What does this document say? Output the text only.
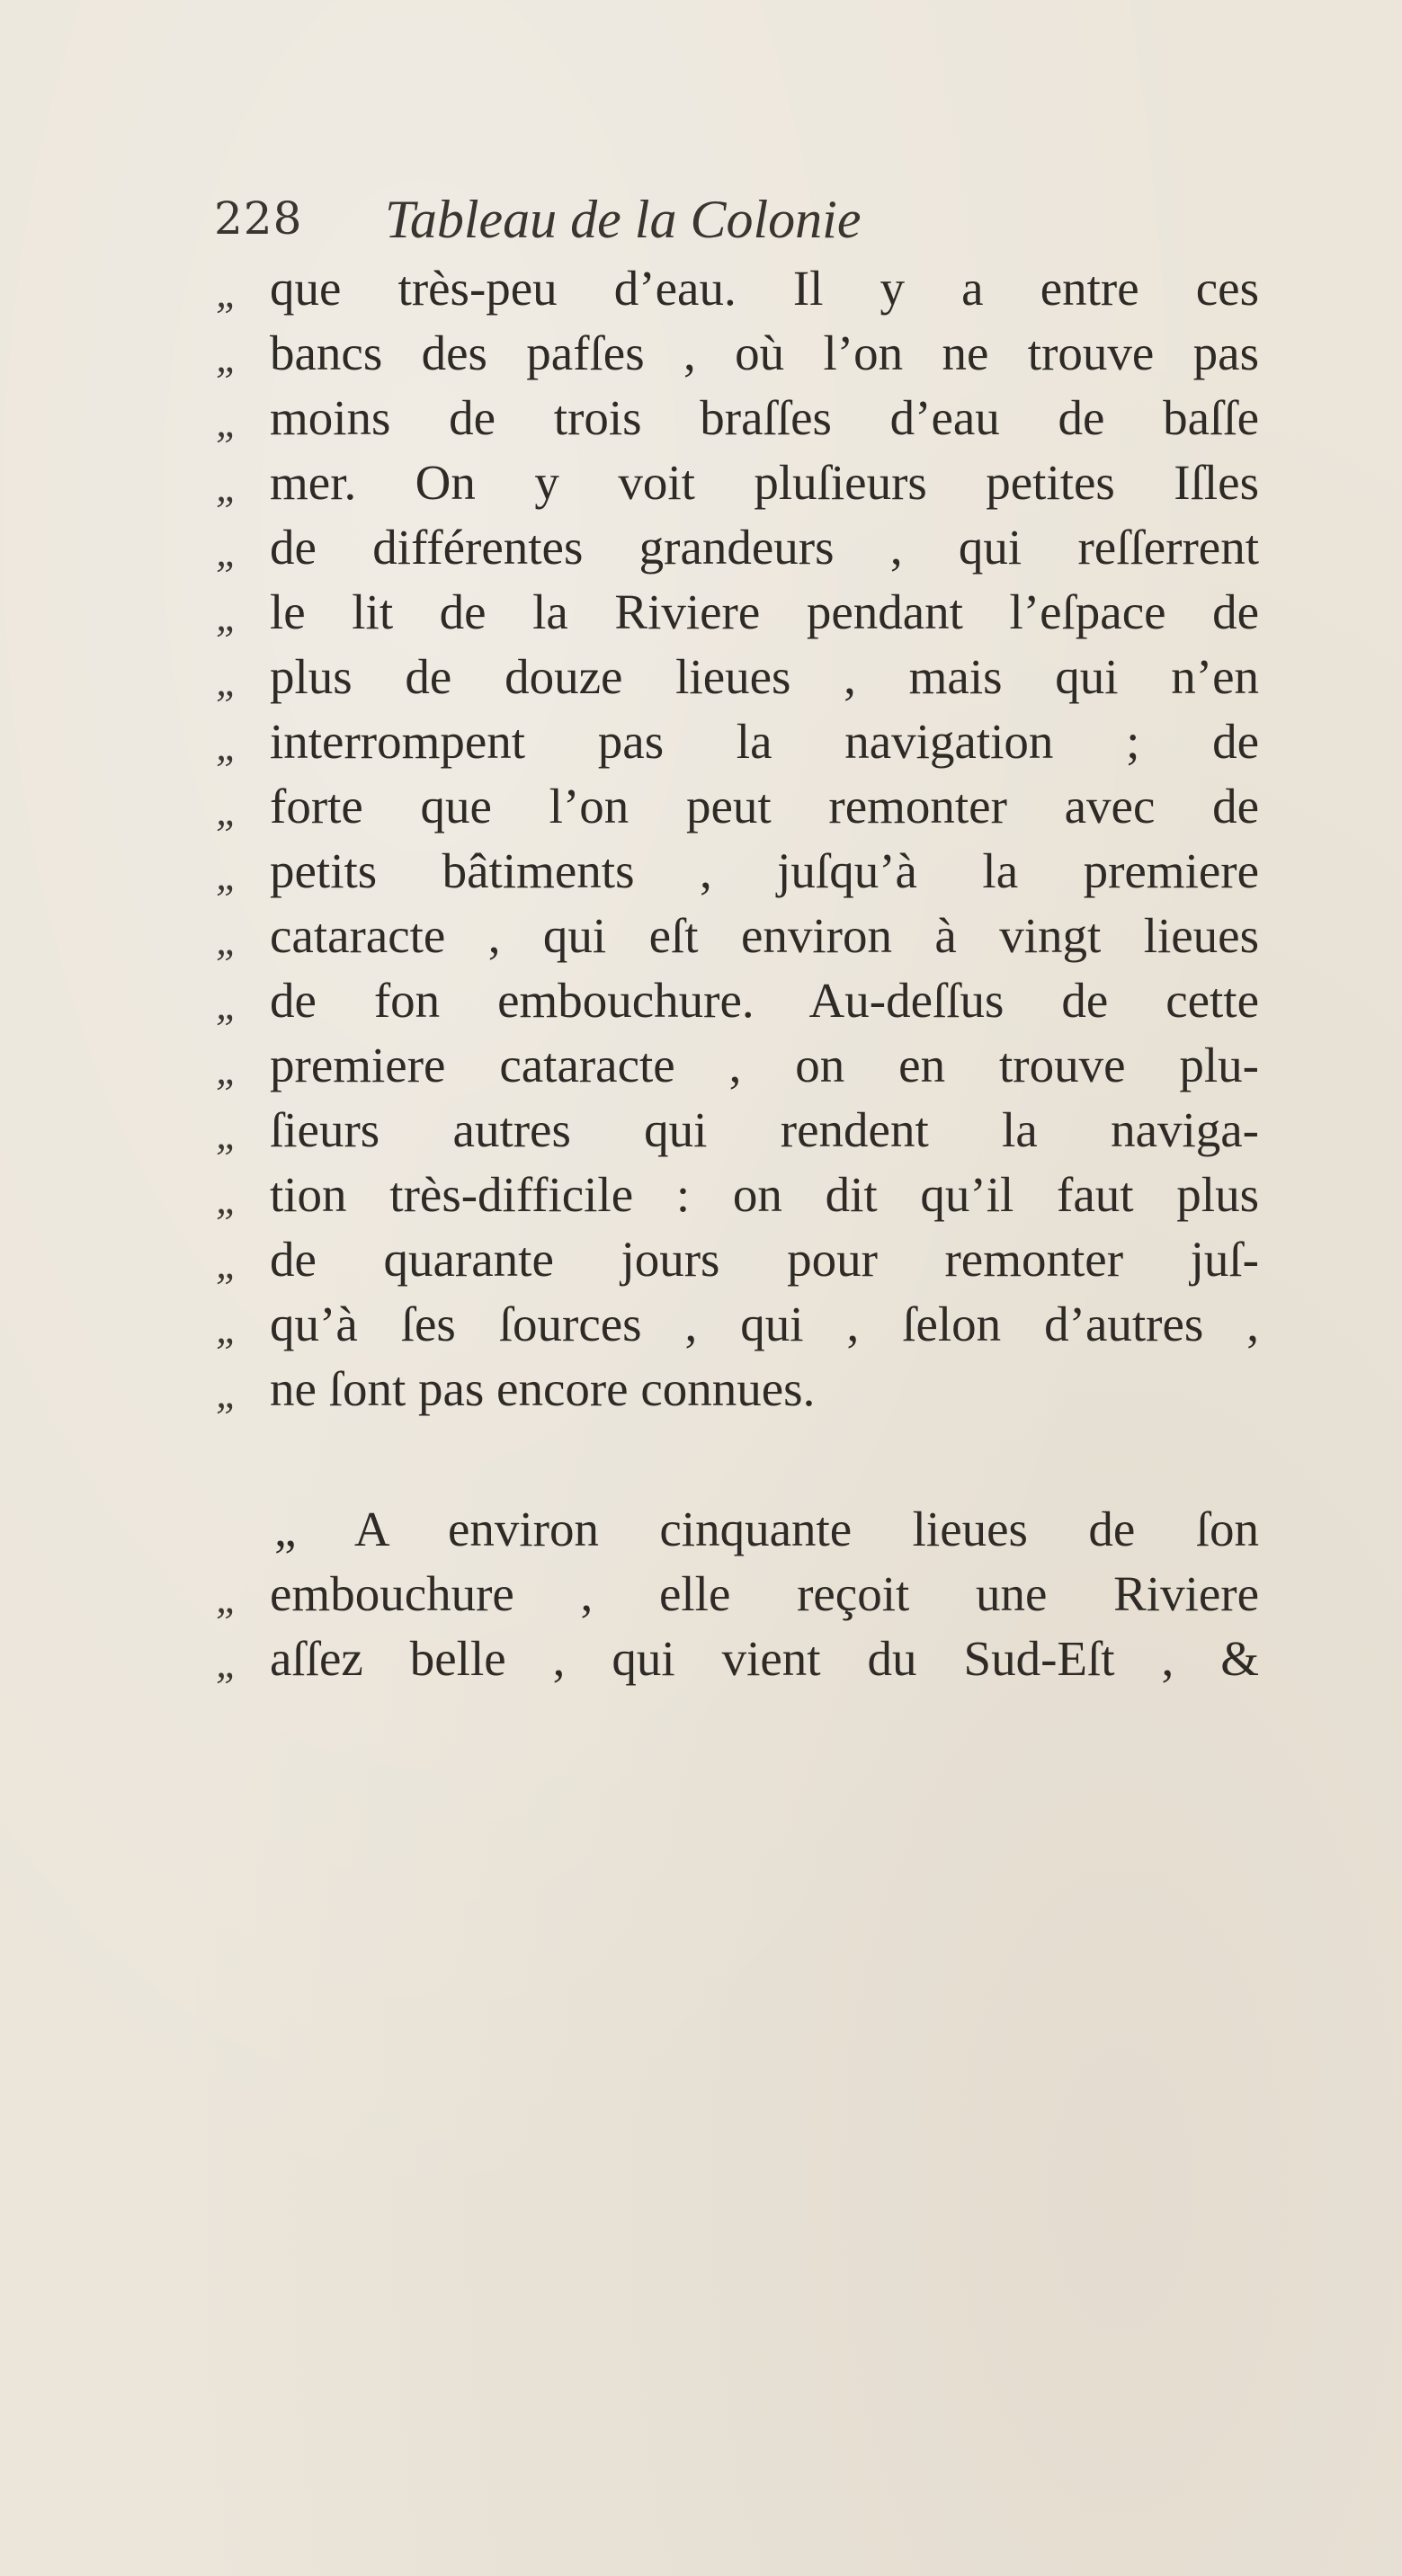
228 Tableau de la Colonie
„ que très-peu d’eau. Il y a entre ces
„ bancs des pafſes , où l’on ne trouve pas
„ moins de trois braſſes d’eau de baſſe
„ mer. On y voit pluſieurs petites Iſles
„ de différentes grandeurs , qui reſſerrent
„ le lit de la Riviere pendant l’eſpace de
„ plus de douze lieues , mais qui n’en
„ interrompent pas la navigation ; de
„ forte que l’on peut remonter avec de
„ petits bâtiments , juſqu’à la premiere
„ cataracte , qui eſt environ à vingt lieues
„ de fon embouchure. Au-deſſus de cette
„ premiere cataracte , on en trouve plu-
„ ſieurs autres qui rendent la naviga-
„ tion très-difficile : on dit qu’il faut plus
„ de quarante jours pour remonter juſ-
„ qu’à ſes ſources , qui , ſelon d’autres ,
„ ne ſont pas encore connues.
„ A environ cinquante lieues de ſon
„ embouchure , elle reçoit une Riviere
„ aſſez belle , qui vient du Sud-Eſt , &
